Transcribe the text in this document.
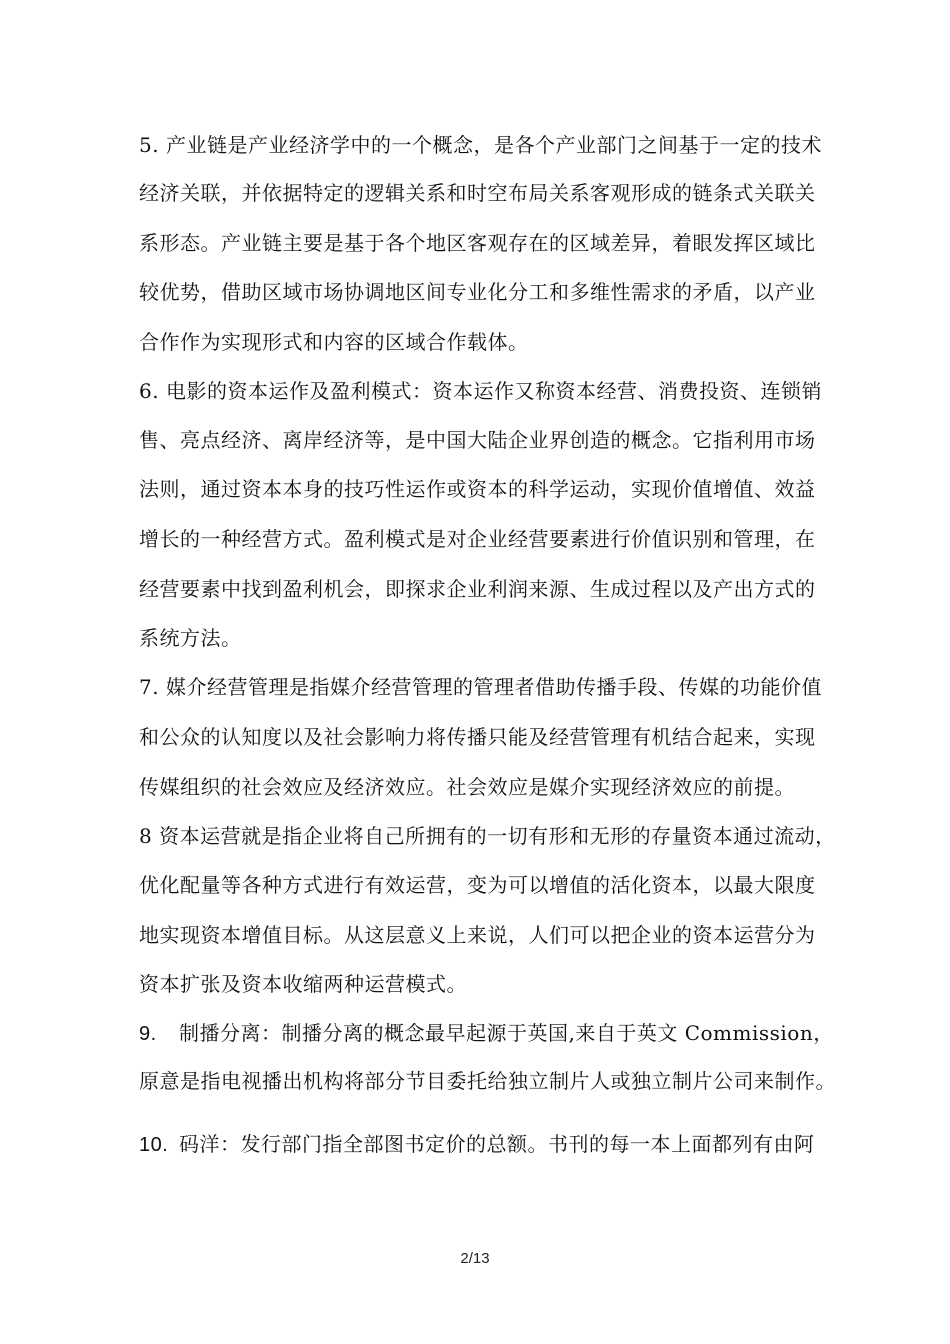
5. 产业链是产业经济学中的一个概念，是各个产业部门之间基于一定的技术
经济关联，并依据特定的逻辑关系和时空布局关系客观形成的链条式关联关
系形态。产业链主要是基于各个地区客观存在的区域差异，着眼发挥区域比
较优势，借助区域市场协调地区间专业化分工和多维性需求的矛盾，以产业
合作作为实现形式和内容的区域合作载体。
6. 电影的资本运作及盈利模式：资本运作又称资本经营、消费投资、连锁销
售、亮点经济、离岸经济等，是中国大陆企业界创造的概念。它指利用市场
法则，通过资本本身的技巧性运作或资本的科学运动，实现价值增值、效益
增长的一种经营方式。盈利模式是对企业经营要素进行价值识别和管理，在
经营要素中找到盈利机会，即探求企业利润来源、生成过程以及产出方式的
系统方法。
7. 媒介经营管理是指媒介经营管理的管理者借助传播手段、传媒的功能价值
和公众的认知度以及社会影响力将传播只能及经营管理有机结合起来，实现
传媒组织的社会效应及经济效应。社会效应是媒介实现经济效应的前提。
8 资本运营就是指企业将自己所拥有的一切有形和无形的存量资本通过流动，
优化配量等各种方式进行有效运营，变为可以增值的活化资本，以最大限度
地实现资本增值目标。从这层意义上来说，人们可以把企业的资本运营分为
资本扩张及资本收缩两种运营模式。
9. 制播分离：制播分离的概念最早起源于英国,来自于英文 Commission，
原意是指电视播出机构将部分节目委托给独立制片人或独立制片公司来制作。
10. 码洋：发行部门指全部图书定价的总额。书刊的每一本上面都列有由阿
2/13
